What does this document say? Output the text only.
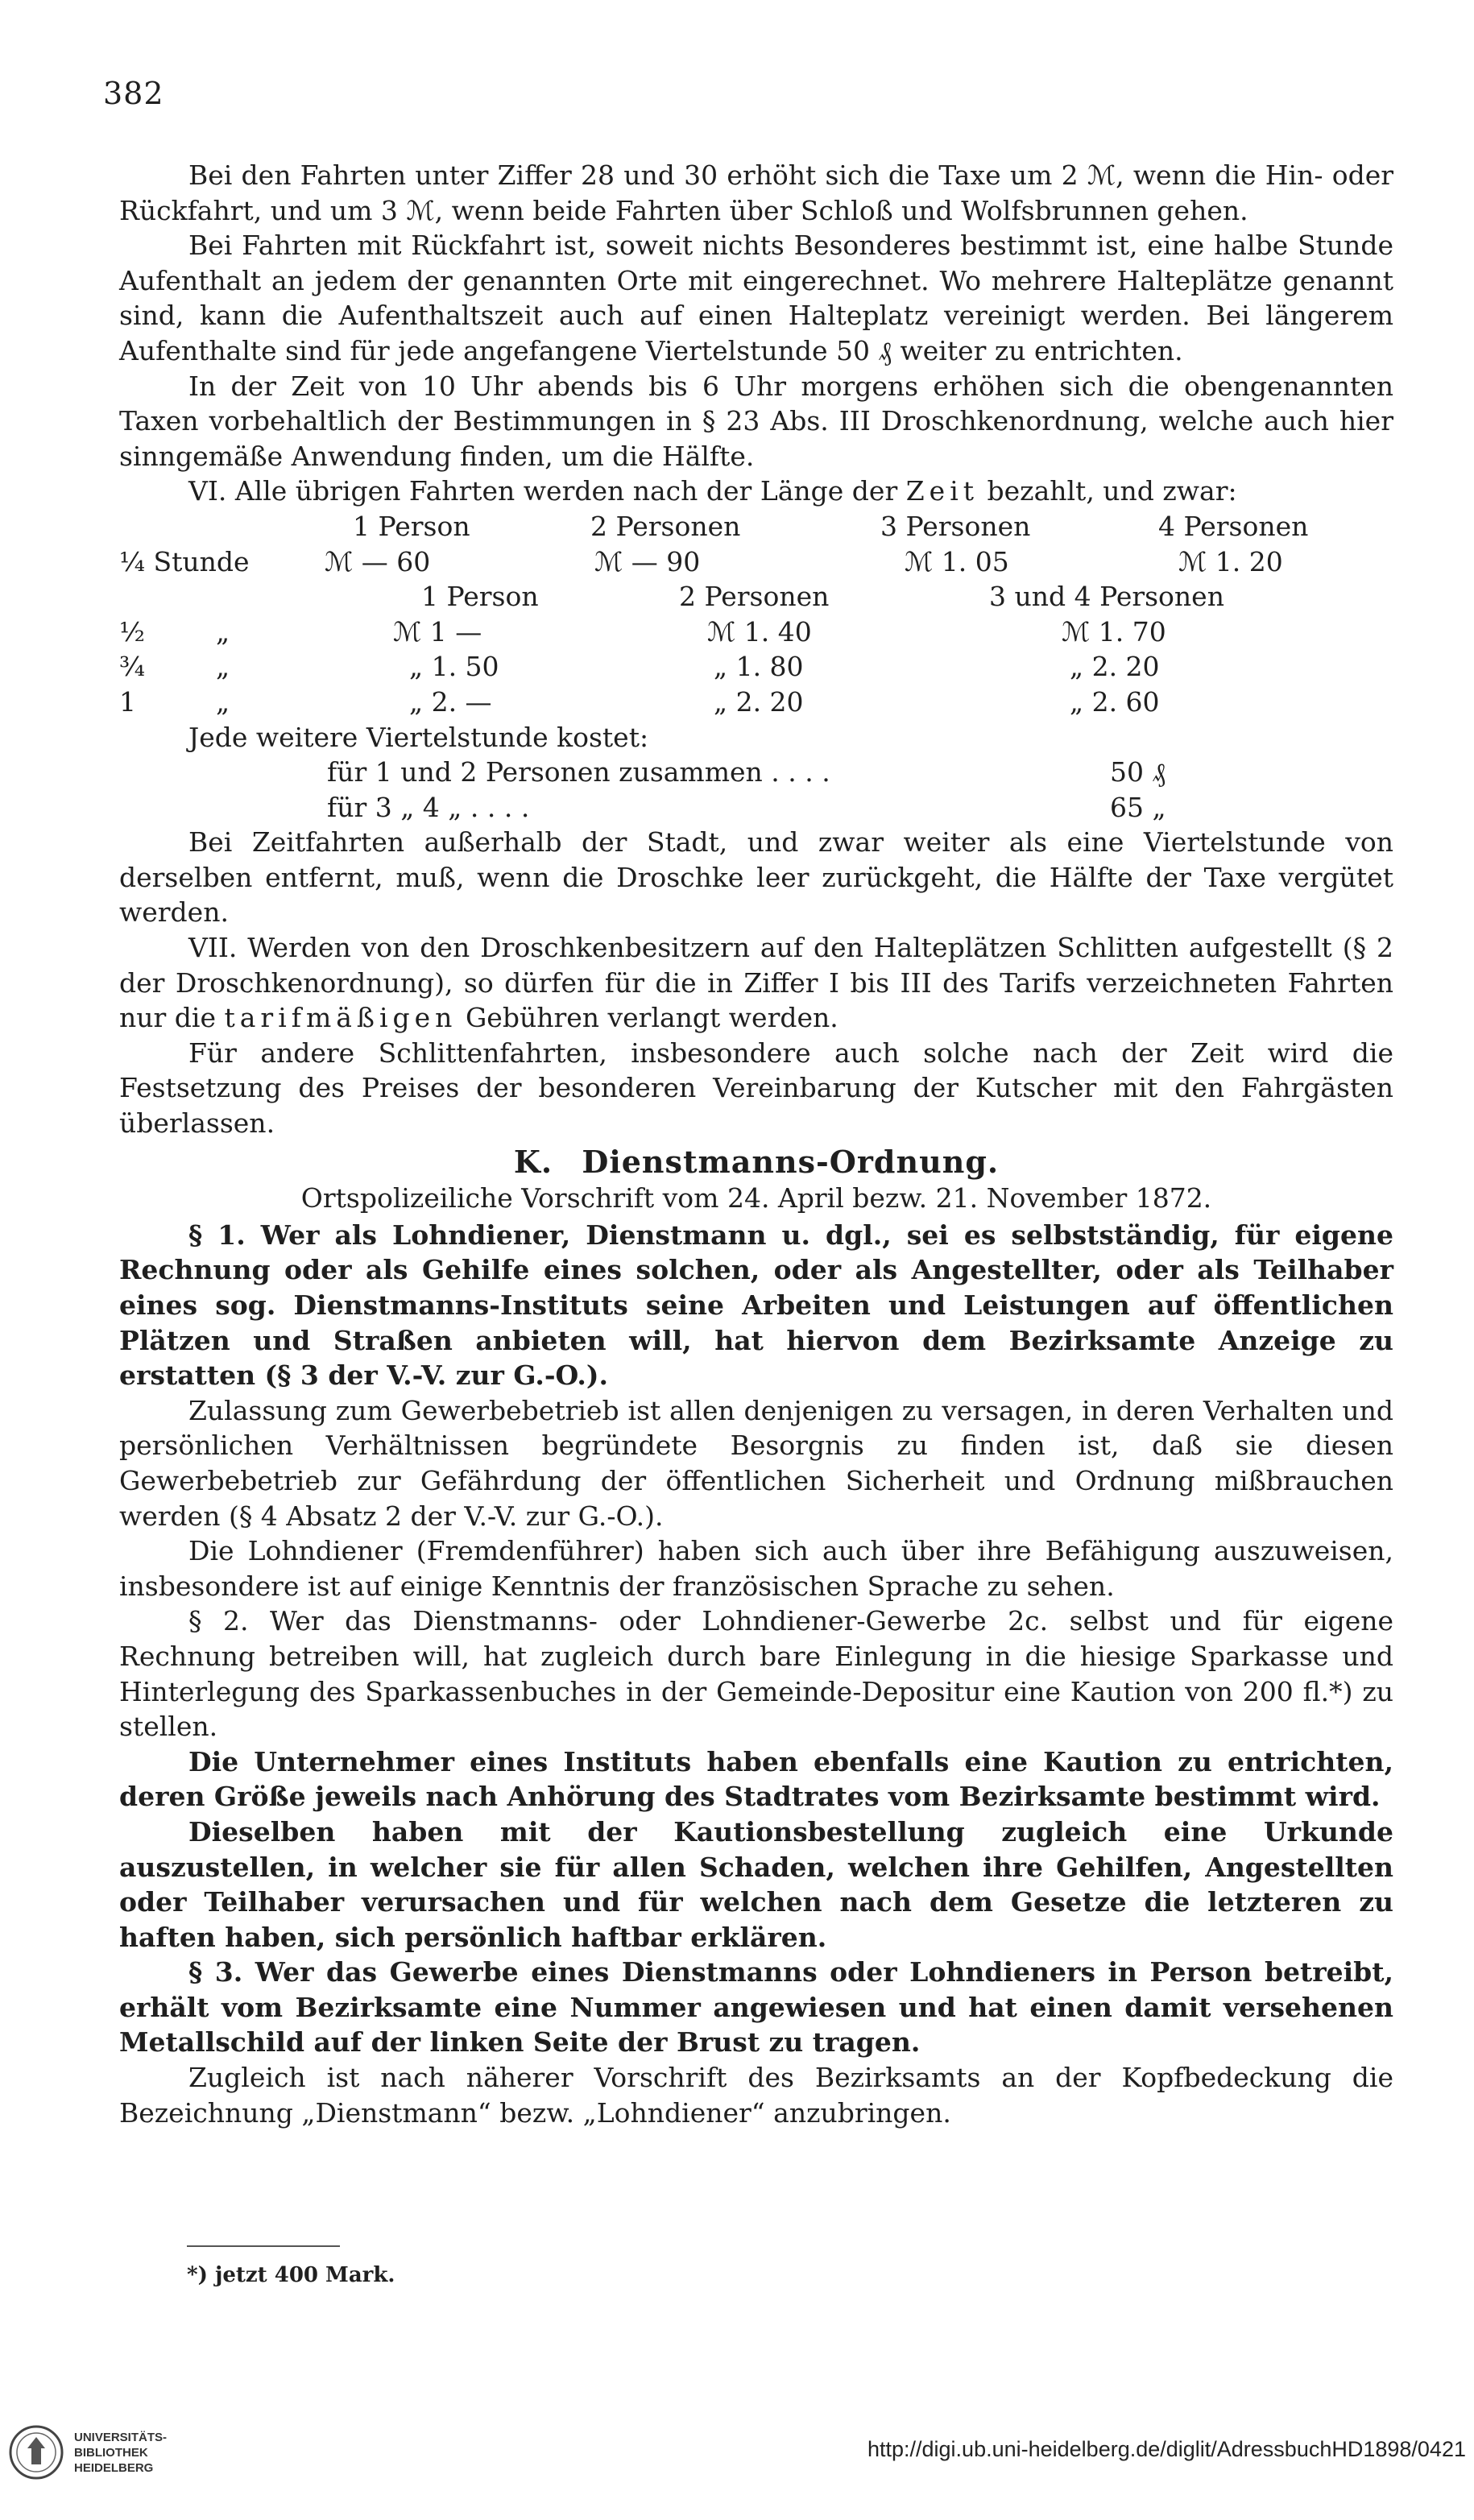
382

Bei den Fahrten unter Ziffer 28 und 30 erhöht sich die Taxe um 2 ℳ, wenn die Hin- oder Rückfahrt, und um 3 ℳ, wenn beide Fahrten über Schloß und Wolfsbrunnen gehen.

Bei Fahrten mit Rückfahrt ist, soweit nichts Besonderes bestimmt ist, eine halbe Stunde Aufenthalt an jedem der genannten Orte mit eingerechnet. Wo mehrere Halteplätze genannt sind, kann die Aufenthaltszeit auch auf einen Halteplatz vereinigt werden. Bei längerem Aufenthalte sind für jede angefangene Viertelstunde 50 ₰ weiter zu entrichten.

In der Zeit von 10 Uhr abends bis 6 Uhr morgens erhöhen sich die obengenannten Taxen vorbehaltlich der Bestimmungen in § 23 Abs. III Droschkenordnung, welche auch hier sinngemäße Anwendung finden, um die Hälfte.

VI. Alle übrigen Fahrten werden nach der Länge der Zeit bezahlt, und zwar:

1 Person	2 Personen	3 Personen	4 Personen
¼ Stunde	ℳ — 60	ℳ — 90	ℳ 1. 05	ℳ 1. 20
1 Person	2 Personen	3 und 4 Personen
½	„	ℳ 1 —	ℳ 1. 40	ℳ 1. 70
¾	„	„ 1. 50	„ 1. 80	„ 2. 20
1	„	„ 2. —	„ 2. 20	„ 2. 60
Jede weitere Viertelstunde kostet:
für 1 und 2 Personen zusammen . . . .	50 ₰
für 3 „ 4 „ . . . .	65 „

Bei Zeitfahrten außerhalb der Stadt, und zwar weiter als eine Viertelstunde von derselben entfernt, muß, wenn die Droschke leer zurückgeht, die Hälfte der Taxe vergütet werden.

VII. Werden von den Droschkenbesitzern auf den Halteplätzen Schlitten aufgestellt (§ 2 der Droschkenordnung), so dürfen für die in Ziffer I bis III des Tarifs verzeichneten Fahrten nur die tarifmäßigen Gebühren verlangt werden.

Für andere Schlittenfahrten, insbesondere auch solche nach der Zeit wird die Festsetzung des Preises der besonderen Vereinbarung der Kutscher mit den Fahrgästen überlassen.

K. Dienstmanns-Ordnung.
Ortspolizeiliche Vorschrift vom 24. April bezw. 21. November 1872.

§ 1. Wer als Lohndiener, Dienstmann u. dgl., sei es selbstständig, für eigene Rechnung oder als Gehilfe eines solchen, oder als Angestellter, oder als Teilhaber eines sog. Dienstmanns-Instituts seine Arbeiten und Leistungen auf öffentlichen Plätzen und Straßen anbieten will, hat hiervon dem Bezirksamte Anzeige zu erstatten (§ 3 der V.-V. zur G.-O.).

Zulassung zum Gewerbebetrieb ist allen denjenigen zu versagen, in deren Verhalten und persönlichen Verhältnissen begründete Besorgnis zu finden ist, daß sie diesen Gewerbebetrieb zur Gefährdung der öffentlichen Sicherheit und Ordnung mißbrauchen werden (§ 4 Absatz 2 der V.-V. zur G.-O.).

Die Lohndiener (Fremdenführer) haben sich auch über ihre Befähigung auszuweisen, insbesondere ist auf einige Kenntnis der französischen Sprache zu sehen.

§ 2. Wer das Dienstmanns- oder Lohndiener-Gewerbe 2c. selbst und für eigene Rechnung betreiben will, hat zugleich durch bare Einlegung in die hiesige Sparkasse und Hinterlegung des Sparkassenbuches in der Gemeinde-Depositur eine Kaution von 200 fl.*) zu stellen.

Die Unternehmer eines Instituts haben ebenfalls eine Kaution zu entrichten, deren Größe jeweils nach Anhörung des Stadtrates vom Bezirksamte bestimmt wird.

Dieselben haben mit der Kautionsbestellung zugleich eine Urkunde auszustellen, in welcher sie für allen Schaden, welchen ihre Gehilfen, Angestellten oder Teilhaber verursachen und für welchen nach dem Gesetze die letzteren zu haften haben, sich persönlich haftbar erklären.

§ 3. Wer das Gewerbe eines Dienstmanns oder Lohndieners in Person betreibt, erhält vom Bezirksamte eine Nummer angewiesen und hat einen damit versehenen Metallschild auf der linken Seite der Brust zu tragen.

Zugleich ist nach näherer Vorschrift des Bezirksamts an der Kopfbedeckung die Bezeichnung „Dienstmann“ bezw. „Lohndiener“ anzubringen.

*) jetzt 400 Mark.
UNIVERSITÄTS-
BIBLIOTHEK
HEIDELBERG
http://digi.ub.uni-heidelberg.de/diglit/AdressbuchHD1898/0421
